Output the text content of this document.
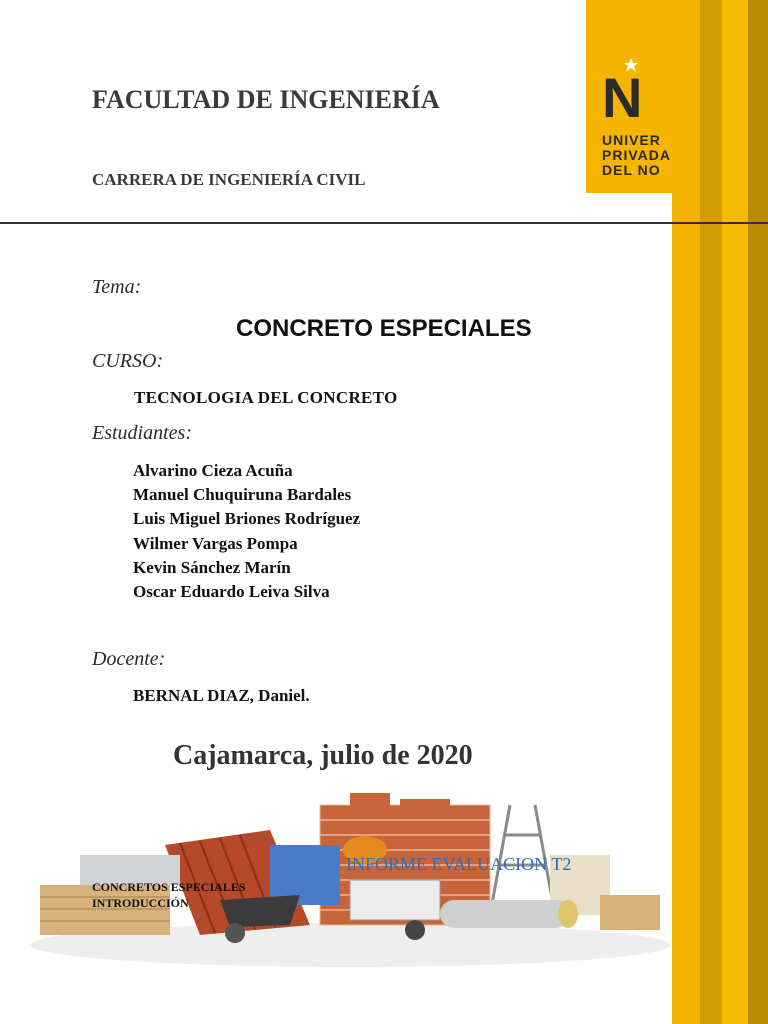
N
UNIVER
PRIVADA
DEL NO
FACULTAD DE INGENIERÍA
CARRERA DE INGENIERÍA CIVIL
Tema:
CONCRETO ESPECIALES
CURSO:
TECNOLOGIA DEL CONCRETO
Estudiantes:
Alvarino Cieza Acuña
Manuel Chuquiruna Bardales
Luis Miguel Briones Rodríguez
Wilmer Vargas Pompa
Kevin Sánchez Marín
Oscar Eduardo Leiva Silva
Docente:
BERNAL DIAZ, Daniel.
Cajamarca, julio de 2020
INFORME EVALUACION T2
CONCRETOS ESPECIALES
INTRODUCCIÓN
